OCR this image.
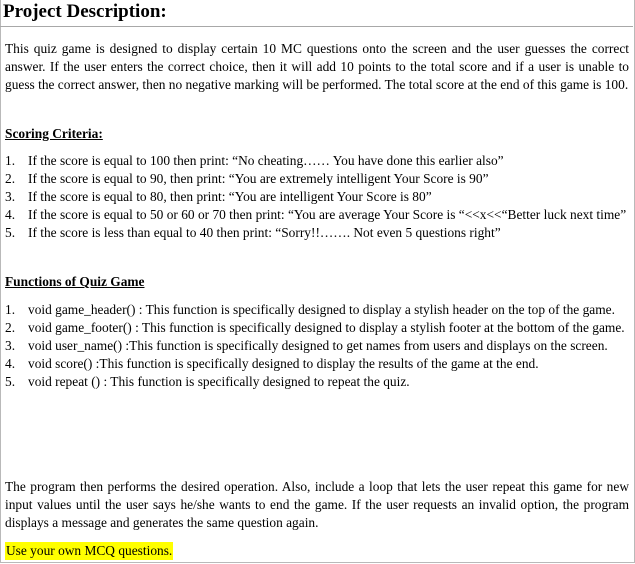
Project Description:

This quiz game is designed to display certain 10 MC questions onto the screen and the user guesses the correct answer. If the user enters the correct choice, then it will add 10 points to the total score and if a user is unable to guess the correct answer, then no negative marking will be performed. The total score at the end of this game is 100.

Scoring Criteria:
1. If the score is equal to 100 then print: “No cheating…… You have done this earlier also”
2. If the score is equal to 90, then print: “You are extremely intelligent Your Score is 90”
3. If the score is equal to 80, then print: “You are intelligent Your Score is 80”
4. If the score is equal to 50 or 60 or 70 then print: “You are average Your Score is “<<x<<“Better luck next time”
5. If the score is less than equal to 40 then print: “Sorry!!……. Not even 5 questions right”
Functions of Quiz Game
1. void game_header() : This function is specifically designed to display a stylish header on the top of the game.
2. void game_footer() : This function is specifically designed to display a stylish footer at the bottom of the game.
3. void user_name() :This function is specifically designed to get names from users and displays on the screen.
4. void score() :This function is specifically designed to display the results of the game at the end.
5. void repeat () : This function is specifically designed to repeat the quiz.

The program then performs the desired operation. Also, include a loop that lets the user repeat this game for new input values until the user says he/she wants to end the game. If the user requests an invalid option, the program displays a message and generates the same question again.

Use your own MCQ questions.
